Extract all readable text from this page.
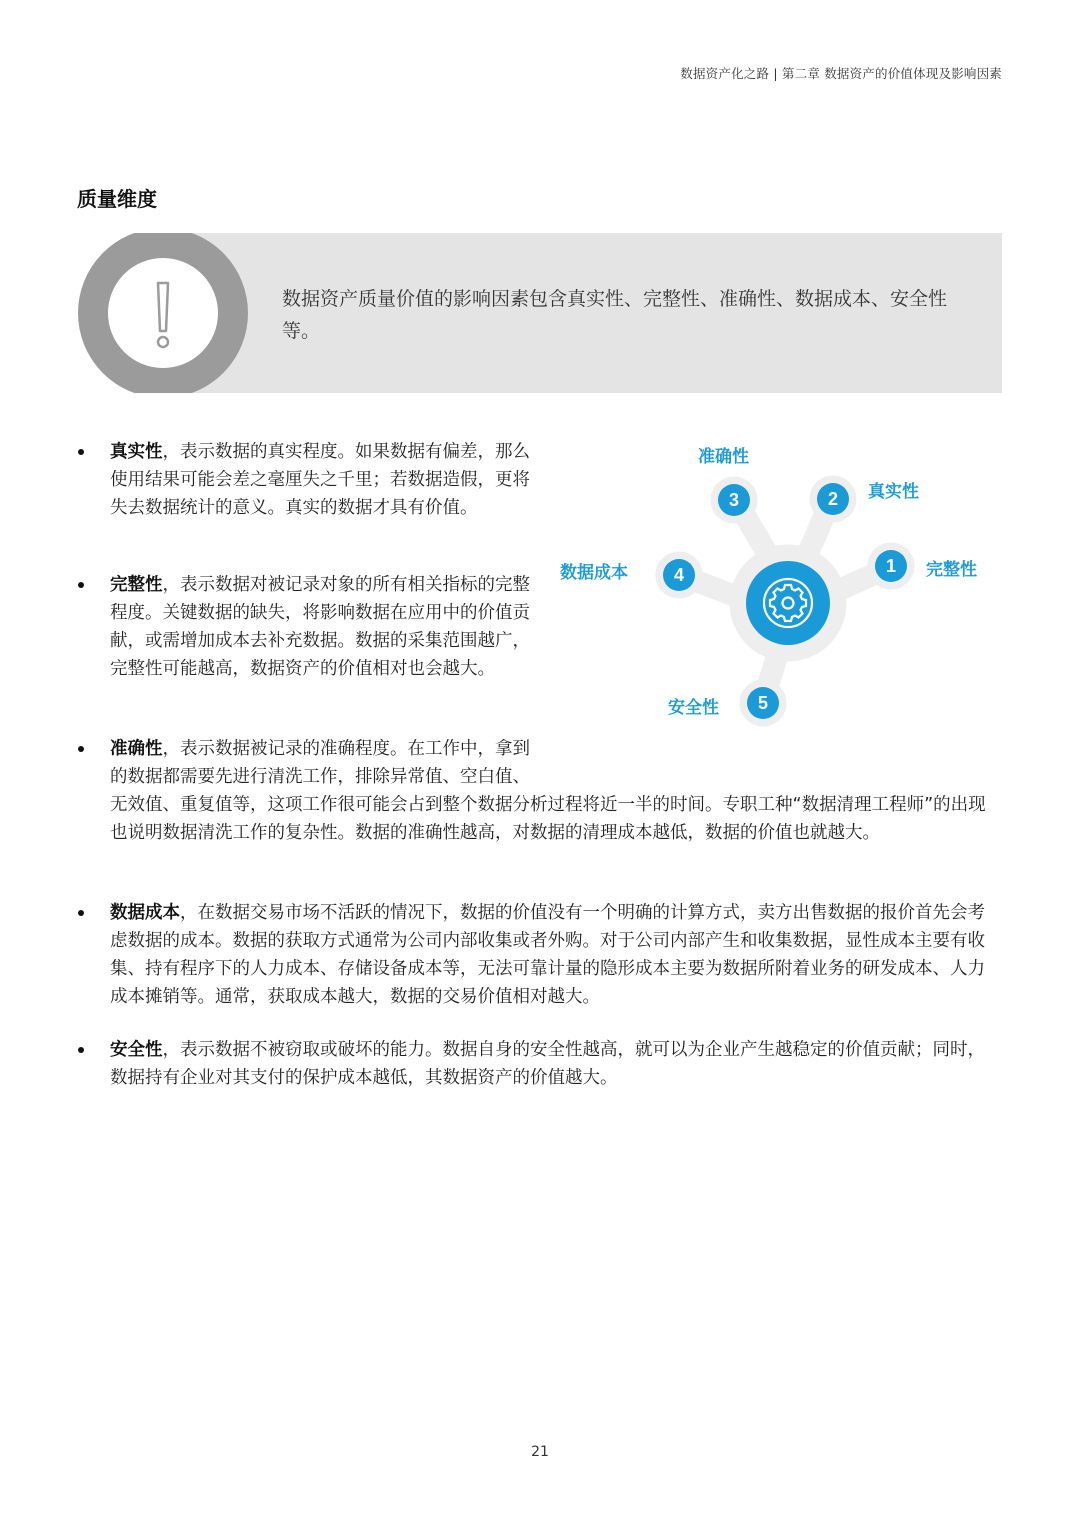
数据资产化之路 | 第二章 数据资产的价值体现及影响因素
质量维度
数据资产质量价值的影响因素包含真实性、完整性、准确性、数据成本、安全性等。
真实性，表示数据的真实程度。如果数据有偏差，那么使用结果可能会差之毫厘失之千里；若数据造假，更将失去数据统计的意义。真实的数据才具有价值。
完整性，表示数据对被记录对象的所有相关指标的完整程度。关键数据的缺失，将影响数据在应用中的价值贡献，或需增加成本去补充数据。数据的采集范围越广，完整性可能越高，数据资产的价值相对也会越大。
准确性，表示数据被记录的准确程度。在工作中，拿到的数据都需要先进行清洗工作，排除异常值、空白值、无效值、重复值等，这项工作很可能会占到整个数据分析过程将近一半的时间。专职工种“数据清理工程师”的出现也说明数据清洗工作的复杂性。数据的准确性越高，对数据的清理成本越低，数据的价值也就越大。
数据成本，在数据交易市场不活跃的情况下，数据的价值没有一个明确的计算方式，卖方出售数据的报价首先会考虑数据的成本。数据的获取方式通常为公司内部收集或者外购。对于公司内部产生和收集数据，显性成本主要有收集、持有程序下的人力成本、存储设备成本等，无法可靠计量的隐形成本主要为数据所附着业务的研发成本、人力成本摊销等。通常，获取成本越大，数据的交易价值相对越大。
安全性，表示数据不被窃取或破坏的能力。数据自身的安全性越高，就可以为企业产生越稳定的价值贡献；同时，数据持有企业对其支付的保护成本越低，其数据资产的价值越大。
1
2
3
4
5
完整性
真实性
准确性
数据成本
安全性
21
